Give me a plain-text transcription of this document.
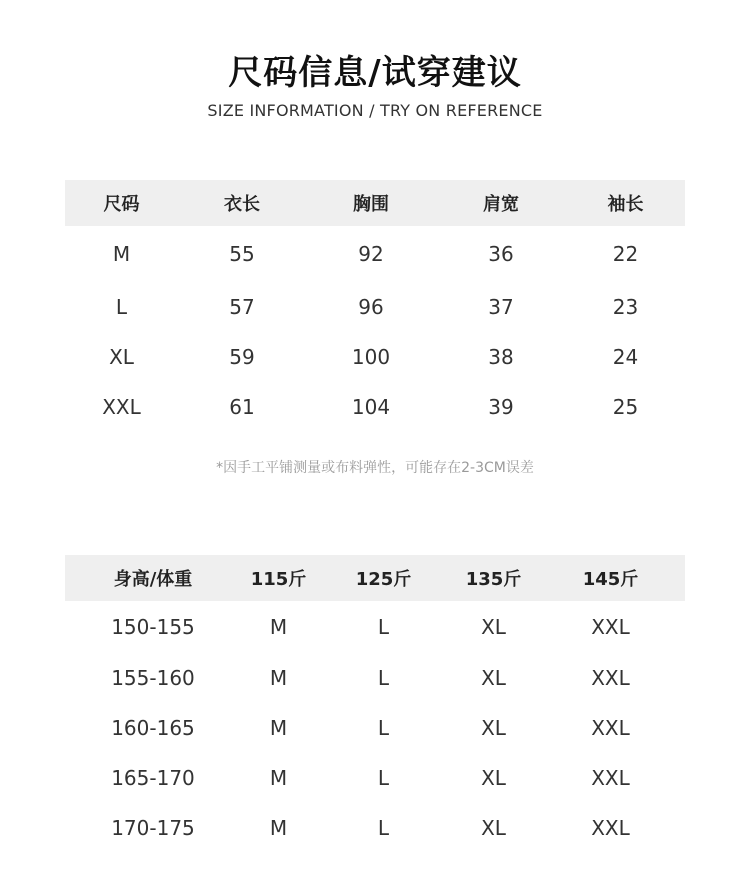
尺码信息/试穿建议
SIZE INFORMATION / TRY ON REFERENCE
尺码	衣长	胸围	肩宽	袖长
M	55	92	36	22
L	57	96	37	23
XL	59	100	38	24
XXL	61	104	39	25
*因手工平铺测量或布料弹性，可能存在2-3CM误差
身高/体重	115斤	125斤	135斤	145斤
150-155	M	L	XL	XXL
155-160	M	L	XL	XXL
160-165	M	L	XL	XXL
165-170	M	L	XL	XXL
170-175	M	L	XL	XXL
